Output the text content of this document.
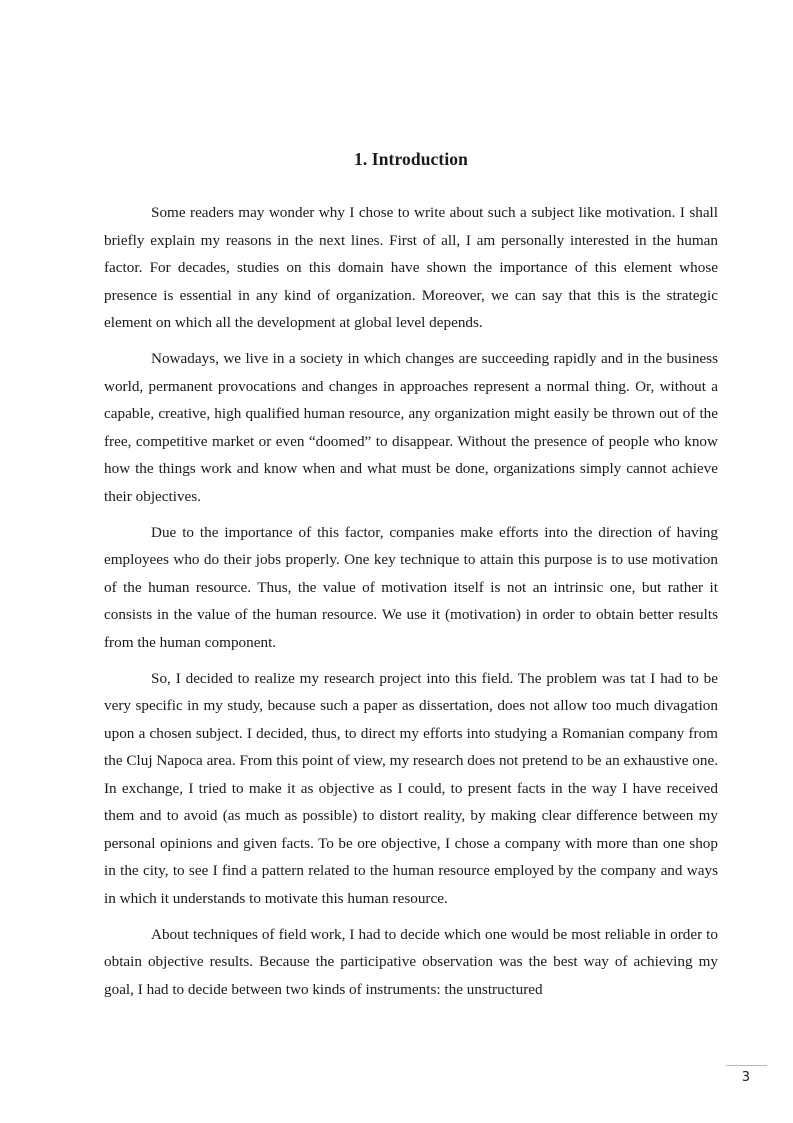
1. Introduction

Some readers may wonder why I chose to write about such a subject like motivation. I shall briefly explain my reasons in the next lines. First of all, I am personally interested in the human factor. For decades, studies on this domain have shown the importance of this element whose presence is essential in any kind of organization. Moreover, we can say that this is the strategic element on which all the development at global level depends.

Nowadays, we live in a society in which changes are succeeding rapidly and in the business world, permanent provocations and changes in approaches represent a normal thing. Or, without a capable, creative, high qualified human resource, any organization might easily be thrown out of the free, competitive market or even “doomed” to disappear. Without the presence of people who know how the things work and know when and what must be done, organizations simply cannot achieve their objectives.

Due to the importance of this factor, companies make efforts into the direction of having employees who do their jobs properly. One key technique to attain this purpose is to use motivation of the human resource. Thus, the value of motivation itself is not an intrinsic one, but rather it consists in the value of the human resource. We use it (motivation) in order to obtain better results from the human component.

So, I decided to realize my research project into this field. The problem was tat I had to be very specific in my study, because such a paper as dissertation, does not allow too much divagation upon a chosen subject. I decided, thus, to direct my efforts into studying a Romanian company from the Cluj Napoca area. From this point of view, my research does not pretend to be an exhaustive one. In exchange, I tried to make it as objective as I could, to present facts in the way I have received them and to avoid (as much as possible) to distort reality, by making clear difference between my personal opinions and given facts. To be ore objective, I chose a company with more than one shop in the city, to see I find a pattern related to the human resource employed by the company and ways in which it understands to motivate this human resource.

About techniques of field work, I had to decide which one would be most reliable in order to obtain objective results. Because the participative observation was the best way of achieving my goal, I had to decide between two kinds of instruments: the unstructured

3
